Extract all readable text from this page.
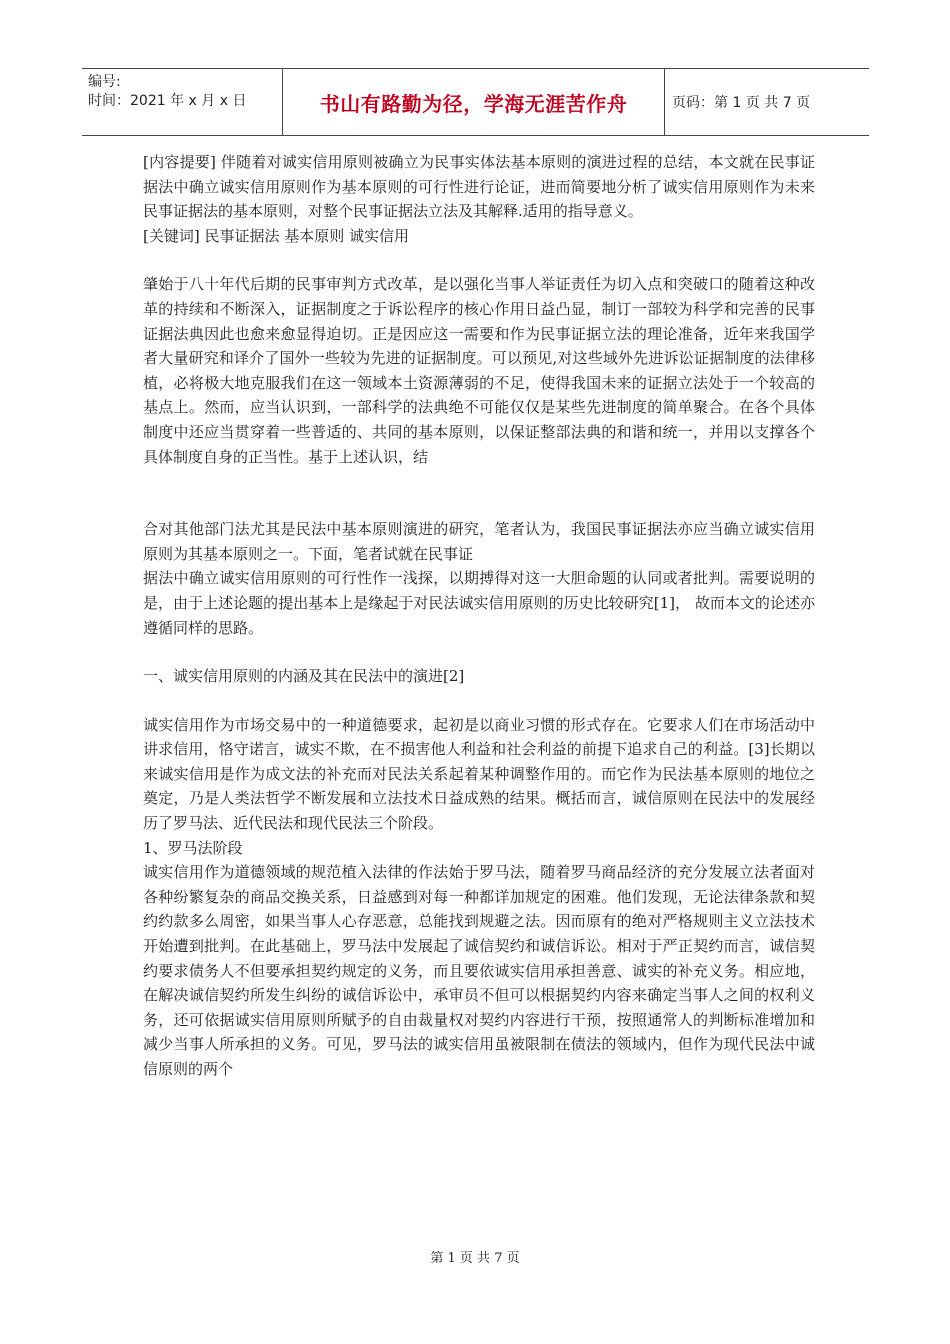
编号:
时间：2021 年 x 月 x 日	书山有路勤为径，学海无涯苦作舟	页码：第 1 页 共 7 页

[内容提要] 伴随着对诚实信用原则被确立为民事实体法基本原则的演进过程的总结，本文就在民事证据法中确立诚实信用原则作为基本原则的可行性进行论证，进而简要地分析了诚实信用原则作为未来民事证据法的基本原则，对整个民事证据法立法及其解释.适用的指导意义。

[关键词] 民事证据法 基本原则 诚实信用

肇始于八十年代后期的民事审判方式改革，是以强化当事人举证责任为切入点和突破口的随着这种改革的持续和不断深入，证据制度之于诉讼程序的核心作用日益凸显，制订一部较为科学和完善的民事证据法典因此也愈来愈显得迫切。正是因应这一需要和作为民事证据立法的理论准备，近年来我国学者大量研究和译介了国外一些较为先进的证据制度。可以预见,对这些域外先进诉讼证据制度的法律移植，必将极大地克服我们在这一领域本土资源薄弱的不足，使得我国未来的证据立法处于一个较高的基点上。然而，应当认识到，一部科学的法典绝不可能仅仅是某些先进制度的简单聚合。在各个具体制度中还应当贯穿着一些普适的、共同的基本原则，以保证整部法典的和谐和统一，并用以支撑各个具体制度自身的正当性。基于上述认识，结

合对其他部门法尤其是民法中基本原则演进的研究，笔者认为，我国民事证据法亦应当确立诚实信用原则为其基本原则之一。下面，笔者试就在民事证

据法中确立诚实信用原则的可行性作一浅探，以期搏得对这一大胆命题的认同或者批判。需要说明的是，由于上述论题的提出基本上是缘起于对民法诚实信用原则的历史比较研究[1]， 故而本文的论述亦遵循同样的思路。

一、诚实信用原则的内涵及其在民法中的演进[2]

诚实信用作为市场交易中的一种道德要求，起初是以商业习惯的形式存在。它要求人们在市场活动中讲求信用，恪守诺言，诚实不欺，在不损害他人利益和社会利益的前提下追求自己的利益。[3]长期以来诚实信用是作为成文法的补充而对民法关系起着某种调整作用的。而它作为民法基本原则的地位之奠定，乃是人类法哲学不断发展和立法技术日益成熟的结果。概括而言，诚信原则在民法中的发展经历了罗马法、近代民法和现代民法三个阶段。

1、罗马法阶段

诚实信用作为道德领域的规范植入法律的作法始于罗马法，随着罗马商品经济的充分发展立法者面对各种纷繁复杂的商品交换关系，日益感到对每一种都详加规定的困难。他们发现，无论法律条款和契约约款多么周密，如果当事人心存恶意，总能找到规避之法。因而原有的绝对严格规则主义立法技术开始遭到批判。在此基础上，罗马法中发展起了诚信契约和诚信诉讼。相对于严正契约而言，诚信契约要求债务人不但要承担契约规定的义务，而且要依诚实信用承担善意、诚实的补充义务。相应地，在解决诚信契约所发生纠纷的诚信诉讼中，承审员不但可以根据契约内容来确定当事人之间的权利义务，还可依据诚实信用原则所赋予的自由裁量权对契约内容进行干预，按照通常人的判断标准增加和减少当事人所承担的义务。可见，罗马法的诚实信用虽被限制在债法的领域内，但作为现代民法中诚信原则的两个

第 1 页 共 7 页
